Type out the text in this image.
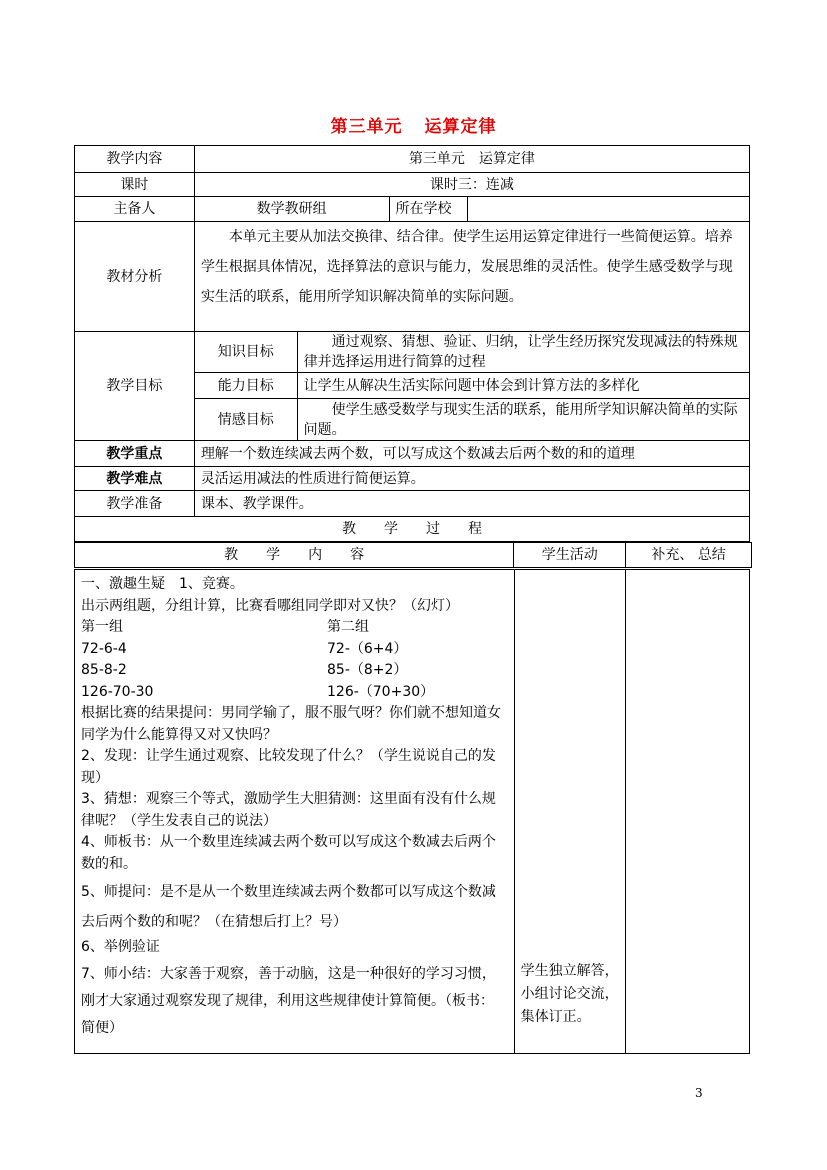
第三单元 运算定律
教学内容	第三单元　运算定律			
课时	课时三：连减			
主备人	数学教研组		所在学校	
教材分析	本单元主要从加法交换律、结合律。使学生运用运算定律进行一些简便运算。培养学生根据具体情况，选择算法的意识与能力，发展思维的灵活性。使学生感受数学与现实生活的联系，能用所学知识解决简单的实际问题。			
教学目标	知识目标	通过观察、猜想、验证、归纳，让学生经历探究发现减法的特殊规律并选择运用进行简算的过程		
	能力目标	让学生从解决生活实际问题中体会到计算方法的多样化		
	情感目标	使学生感受数学与现实生活的联系，能用所学知识解决简单的实际问题。		
教学重点	理解一个数连续减去两个数，可以写成这个数减去后两个数的和的道理			
教学难点	灵活运用减法的性质进行简便运算。			
教学准备	课本、教学课件。			
教　　学　　过　　程				
教　　学　　内　　容	学生活动	补充、 总结

一、激趣生疑　1、竞赛。

出示两组题，分组计算，比赛看哪组同学即对又快？（幻灯）

第一组	第二组
72-6-4	72-（6+4）
85-8-2	85-（8+2）
126-70-30	126-（70+30）

根据比赛的结果提问：男同学输了，服不服气呀？你们就不想知道女同学为什么能算得又对又快吗？

2、发现：让学生通过观察、比较发现了什么？（学生说说自己的发现）

3、猜想：观察三个等式，激励学生大胆猜测：这里面有没有什么规律呢？（学生发表自己的说法）

4、师板书：从一个数里连续减去两个数可以写成这个数减去后两个数的和。

5、师提问：是不是从一个数里连续减去两个数都可以写成这个数减去后两个数的和呢？（在猜想后打上？号）

6、举例验证

7、师小结：大家善于观察，善于动脑，这是一种很好的学习习惯，刚才大家通过观察发现了规律，利用这些规律使计算简便。（板书：简便）

学生独立解答，小组讨论交流，集体订正。

3
